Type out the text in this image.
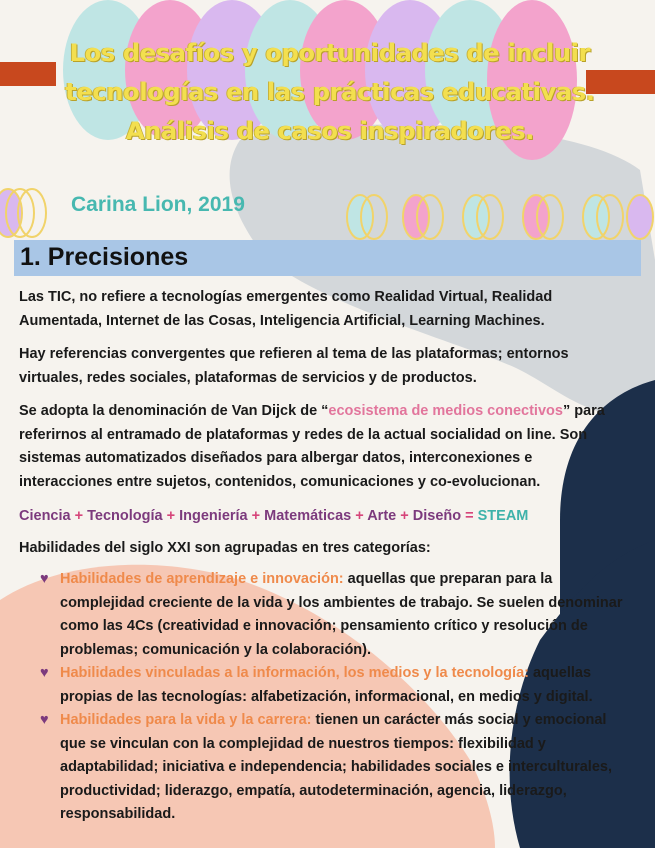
Los desafíos y oportunidades de incluir
tecnologías en las prácticas educativas.
Análisis de casos inspiradores.
Carina Lion, 2019
1. Precisiones
Las TIC, no refiere a tecnologías emergentes como Realidad Virtual, Realidad Aumentada, Internet de las Cosas, Inteligencia Artificial, Learning Machines.
Hay referencias convergentes que refieren al tema de las plataformas; entornos virtuales, redes sociales, plataformas de servicios y de productos.
Se adopta la denominación de Van Dijck de “ecosistema de medios conectivos” para referirnos al entramado de plataformas y redes de la actual socialidad on line. Son sistemas automatizados diseñados para albergar datos, interconexiones e interacciones entre sujetos, contenidos, comunicaciones y co-evolucionan.
Ciencia + Tecnología + Ingeniería + Matemáticas + Arte + Diseño = STEAM
Habilidades del siglo XXI son agrupadas en tres categorías:
♥ Habilidades de aprendizaje e innovación: aquellas que preparan para la complejidad creciente de la vida y los ambientes de trabajo. Se suelen denominar como las 4Cs (creatividad e innovación; pensamiento crítico y resolución de problemas; comunicación y la colaboración).
♥ Habilidades vinculadas a la información, los medios y la tecnología: aquellas propias de las tecnologías: alfabetización, informacional, en medios y digital.
♥ Habilidades para la vida y la carrera: tienen un carácter más social y emocional que se vinculan con la complejidad de nuestros tiempos: flexibilidad y adaptabilidad; iniciativa e independencia; habilidades sociales e interculturales, productividad; liderazgo, empatía, autodeterminación, agencia, liderazgo, responsabilidad.
